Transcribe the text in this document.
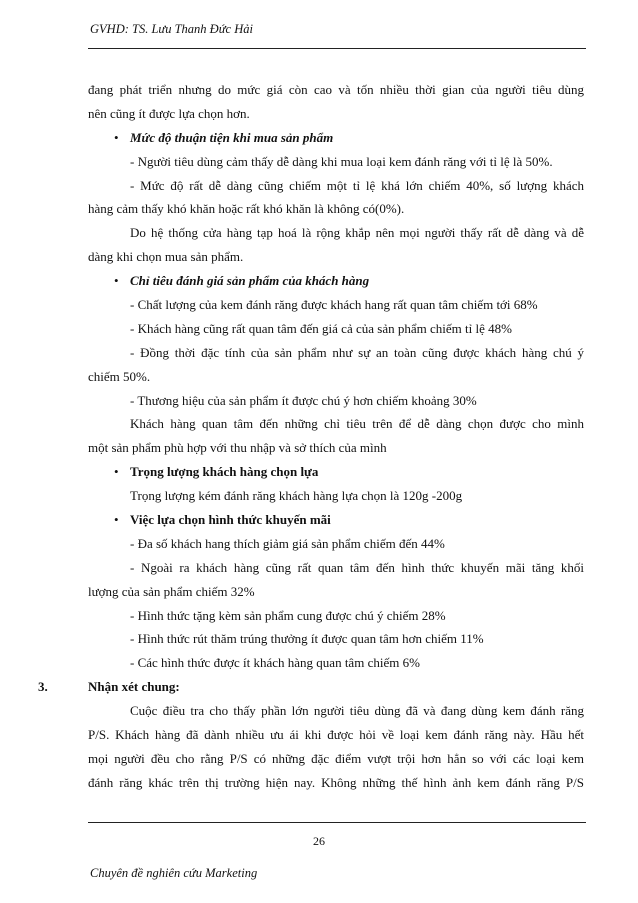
GVHD: TS. Lưu Thanh Đức Hải
đang phát triển nhưng do mức giá còn cao và tốn nhiều thời gian của người tiêu dùng
nên cũng ít được lựa chọn hơn.
• Mức độ thuận tiện khi mua sản phẩm
- Người tiêu dùng cảm thấy dễ dàng khi mua loại kem đánh răng với tỉ lệ là 50%.
- Mức độ rất dễ dàng cũng chiếm một tỉ lệ khá lớn chiếm 40%, số lượng khách
hàng cảm thấy khó khăn hoặc rất khó khăn là không có(0%).
Do hệ thống cửa hàng tạp hoá là rộng khắp nên mọi người thấy rất dễ dàng và dễ
dàng khi chọn mua sản phẩm.
• Chỉ tiêu đánh giá sản phẩm của khách hàng
- Chất lượng của kem đánh răng được khách hang rất quan tâm chiếm tới 68%
- Khách hàng cũng rất quan tâm đến giá cả của sản phẩm chiếm tỉ lệ 48%
- Đồng thời đặc tính của sản phẩm như sự an toàn cũng được khách hàng chú ý
chiếm 50%.
- Thương hiệu của sản phẩm ít được chú ý hơn chiếm khoảng 30%
Khách hàng quan tâm đến những chỉ tiêu trên để dễ dàng chọn được cho mình
một sản phẩm phù hợp với thu nhập và sở thích của mình
• Trọng lượng khách hàng chọn lựa
Trọng lượng kém đánh răng khách hàng lựa chọn là 120g -200g
• Việc lựa chọn hình thức khuyến mãi
- Đa số khách hang thích giảm giá sản phẩm chiếm đến 44%
- Ngoài ra khách hàng cũng rất quan tâm đến hình thức khuyến mãi tăng khối
lượng của sản phẩm chiếm 32%
- Hình thức tặng kèm sản phẩm cung được chú ý chiếm 28%
- Hình thức rút thăm trúng thưởng ít được quan tâm hơn chiếm 11%
- Các hình thức được ít khách hàng quan tâm chiếm 6%
3.	Nhận xét chung:
Cuộc điều tra cho thấy phần lớn người tiêu dùng đã và đang dùng kem đánh răng
P/S. Khách hàng đã dành nhiều ưu ái khi được hỏi về loại kem đánh răng này. Hầu hết
mọi người đều cho rằng P/S có những đặc điểm vượt trội hơn hẳn so với các loại kem
đánh răng khác trên thị trường hiện nay. Không những thế hình ảnh kem đánh răng P/S
26
Chuyên đề nghiên cứu Marketing
